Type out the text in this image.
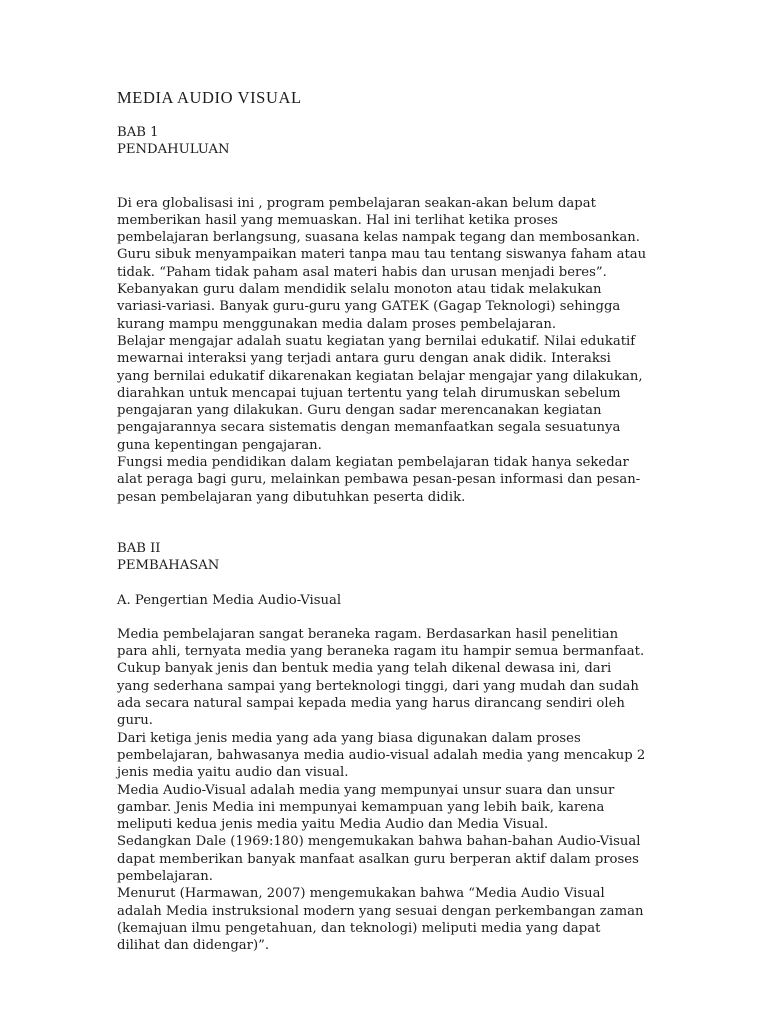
MEDIA AUDIO VISUAL

BAB 1

PENDAHULUAN

Di era globalisasi ini , program pembelajaran seakan-akan belum dapat memberikan hasil yang memuaskan. Hal ini terlihat ketika proses pembelajaran berlangsung, suasana kelas nampak tegang dan membosankan. Guru sibuk menyampaikan materi tanpa mau tau tentang siswanya faham atau tidak. “Paham tidak paham asal materi habis dan urusan menjadi beres”. Kebanyakan guru dalam mendidik selalu monoton atau tidak melakukan variasi-variasi. Banyak guru-guru yang GATEK (Gagap Teknologi) sehingga kurang mampu menggunakan media dalam proses pembelajaran.

Belajar mengajar adalah suatu kegiatan yang bernilai edukatif. Nilai edukatif mewarnai interaksi yang terjadi antara guru dengan anak didik. Interaksi yang bernilai edukatif dikarenakan kegiatan belajar mengajar yang dilakukan, diarahkan untuk mencapai tujuan tertentu yang telah dirumuskan sebelum pengajaran yang dilakukan. Guru dengan sadar merencanakan kegiatan pengajarannya secara sistematis dengan memanfaatkan segala sesuatunya guna kepentingan pengajaran.

Fungsi media pendidikan dalam kegiatan pembelajaran tidak hanya sekedar alat peraga bagi guru, melainkan pembawa pesan-pesan informasi dan pesan-pesan pembelajaran yang dibutuhkan peserta didik.

BAB II

PEMBAHASAN

A. Pengertian Media Audio-Visual

Media pembelajaran sangat beraneka ragam. Berdasarkan hasil penelitian para ahli, ternyata media yang beraneka ragam itu hampir semua bermanfaat. Cukup banyak jenis dan bentuk media yang telah dikenal dewasa ini, dari yang sederhana sampai yang berteknologi tinggi, dari yang mudah dan sudah ada secara natural sampai kepada media yang harus dirancang sendiri oleh guru.

Dari ketiga jenis media yang ada yang biasa digunakan dalam proses pembelajaran, bahwasanya media audio-visual adalah media yang mencakup 2 jenis media yaitu audio dan visual.

Media Audio-Visual adalah media yang mempunyai unsur suara dan unsur gambar. Jenis Media ini mempunyai kemampuan yang lebih baik, karena meliputi kedua jenis media yaitu Media Audio dan Media Visual.

Sedangkan Dale (1969:180) mengemukakan bahwa bahan-bahan Audio-Visual dapat memberikan banyak manfaat asalkan guru berperan aktif dalam proses pembelajaran.

Menurut (Harmawan, 2007) mengemukakan bahwa “Media Audio Visual adalah Media instruksional modern yang sesuai dengan perkembangan zaman (kemajuan ilmu pengetahuan, dan teknologi) meliputi media yang dapat dilihat dan didengar)”.
